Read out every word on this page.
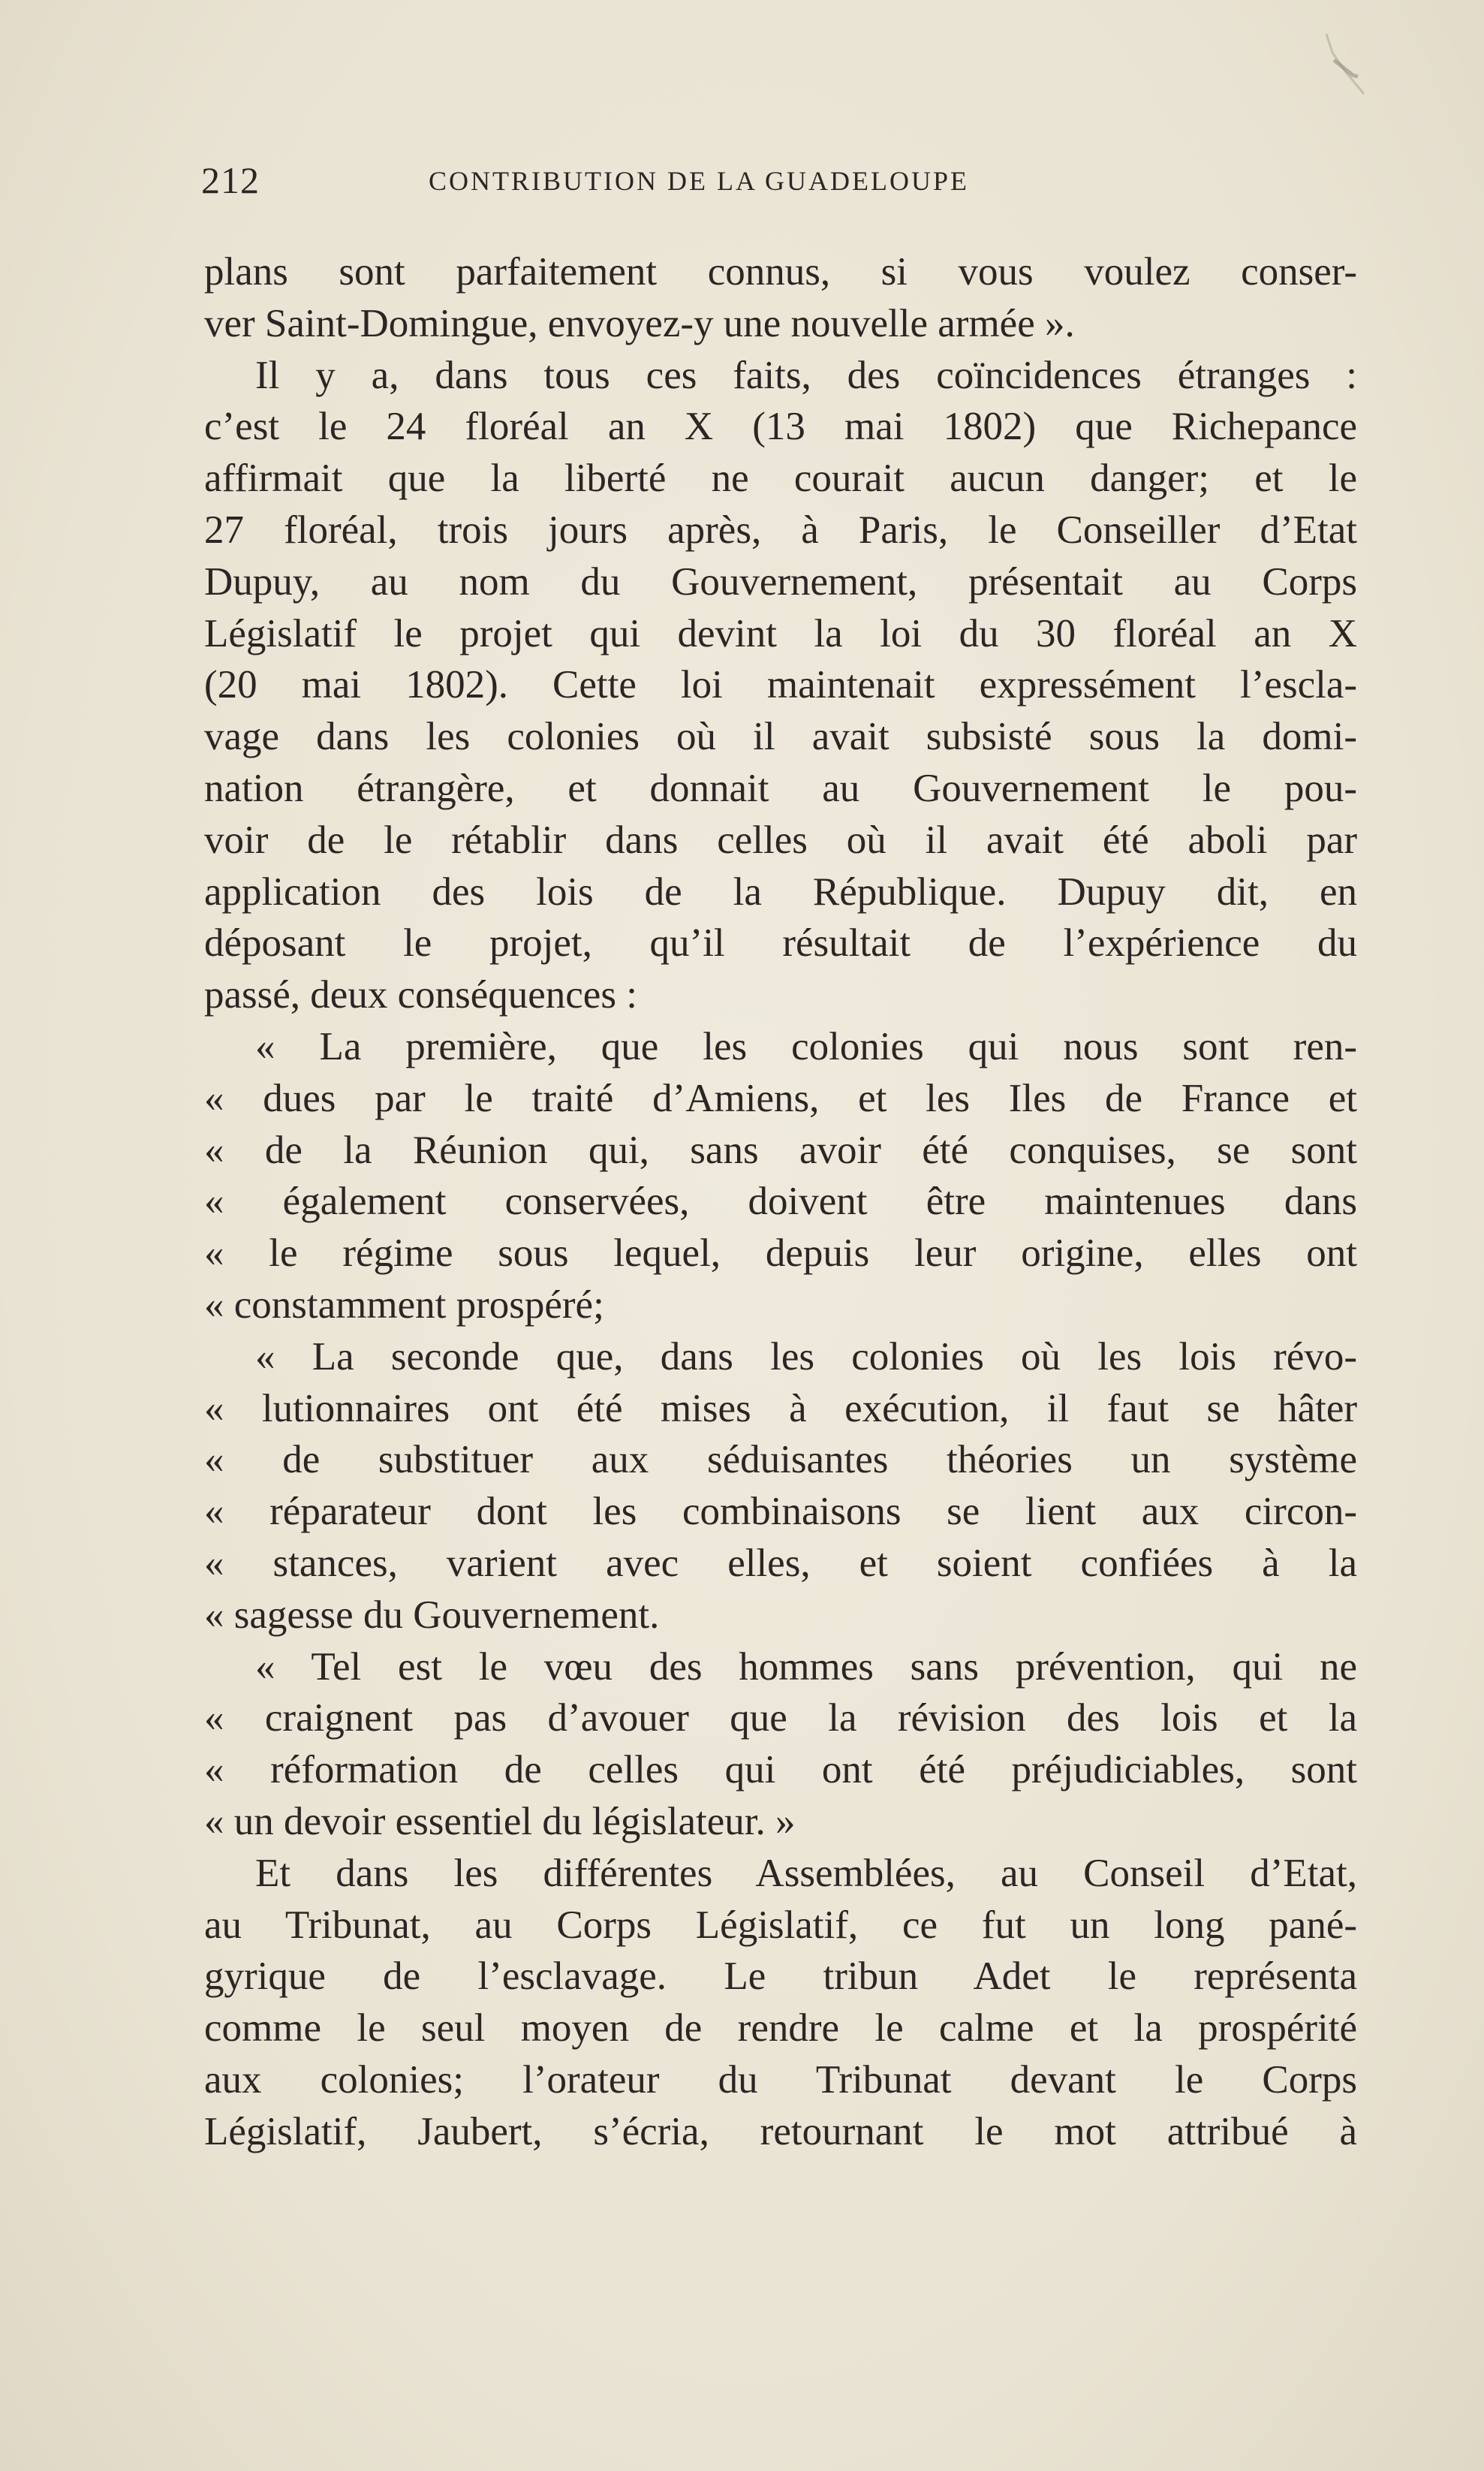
212	CONTRIBUTION DE LA GUADELOUPE
plans sont parfaitement connus, si vous voulez conser-
ver Saint-Domingue, envoyez-y une nouvelle armée ».
Il y a, dans tous ces faits, des coïncidences étranges :
c’est le 24 floréal an X (13 mai 1802) que Richepance
affirmait que la liberté ne courait aucun danger; et le
27 floréal, trois jours après, à Paris, le Conseiller d’Etat
Dupuy, au nom du Gouvernement, présentait au Corps
Législatif le projet qui devint la loi du 30 floréal an X
(20 mai 1802). Cette loi maintenait expressément l’escla-
vage dans les colonies où il avait subsisté sous la domi-
nation étrangère, et donnait au Gouvernement le pou-
voir de le rétablir dans celles où il avait été aboli par
application des lois de la République. Dupuy dit, en
déposant le projet, qu’il résultait de l’expérience du
passé, deux conséquences :
« La première, que les colonies qui nous sont ren-
« dues par le traité d’Amiens, et les Iles de France et
« de la Réunion qui, sans avoir été conquises, se sont
« également conservées, doivent être maintenues dans
« le régime sous lequel, depuis leur origine, elles ont
« constamment prospéré;
« La seconde que, dans les colonies où les lois révo-
« lutionnaires ont été mises à exécution, il faut se hâter
« de substituer aux séduisantes théories un système
« réparateur dont les combinaisons se lient aux circon-
« stances, varient avec elles, et soient confiées à la
« sagesse du Gouvernement.
« Tel est le vœu des hommes sans prévention, qui ne
« craignent pas d’avouer que la révision des lois et la
« réformation de celles qui ont été préjudiciables, sont
« un devoir essentiel du législateur. »
Et dans les différentes Assemblées, au Conseil d’Etat,
au Tribunat, au Corps Législatif, ce fut un long pané-
gyrique de l’esclavage. Le tribun Adet le représenta
comme le seul moyen de rendre le calme et la prospérité
aux colonies; l’orateur du Tribunat devant le Corps
Législatif, Jaubert, s’écria, retournant le mot attribué à
